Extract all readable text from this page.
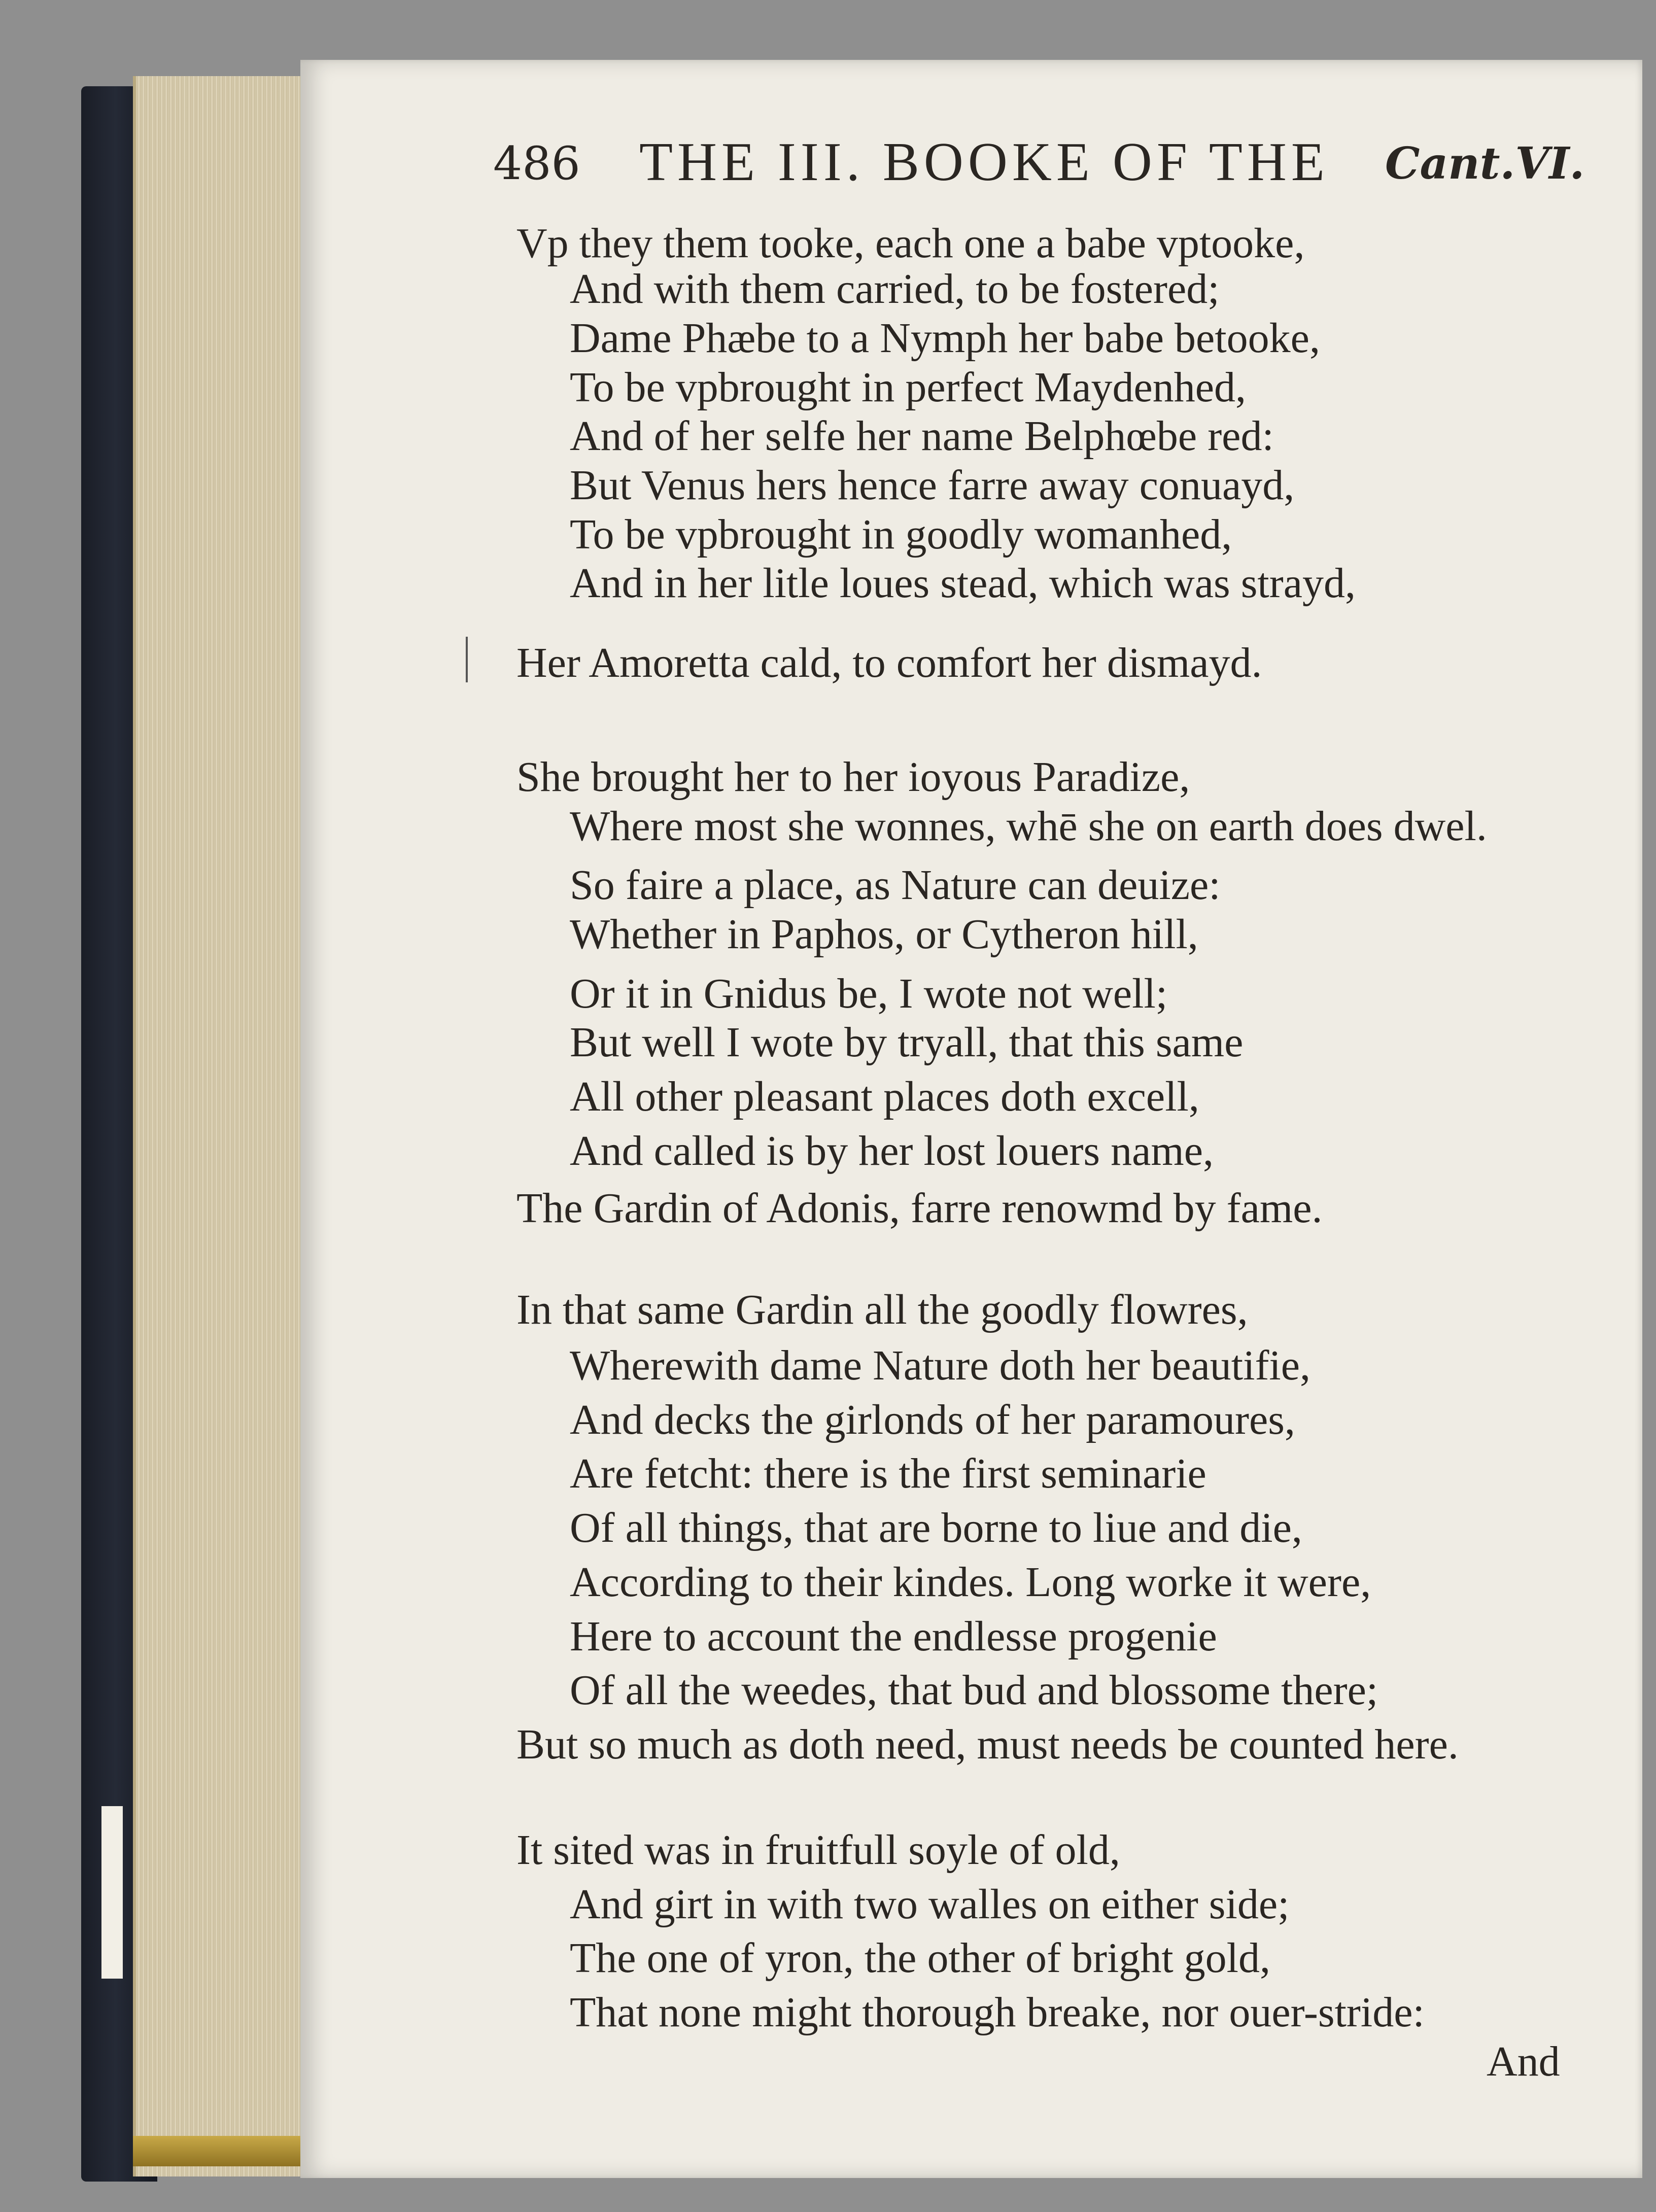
486 THE III. BOOKE OF THE Cant.VI.
Vp they them tooke, each one a babe vptooke,
And with them carried, to be fostered;
Dame Phæbe to a Nymph her babe betooke,
To be vpbrought in perfect Maydenhed,
And of her selfe her name Belphœbe red:
But Venus hers hence farre away conuayd,
To be vpbrought in goodly womanhed,
And in her litle loues stead, which was strayd,
Her Amoretta cald, to comfort her dismayd.
She brought her to her ioyous Paradize,
Where most she wonnes, whē she on earth does dwel.
So faire a place, as Nature can deuize:
Whether in Paphos, or Cytheron hill,
Or it in Gnidus be, I wote not well;
But well I wote by tryall, that this same
All other pleasant places doth excell,
And called is by her lost louers name,
The Gardin of Adonis, farre renowmd by fame.
In that same Gardin all the goodly flowres,
Wherewith dame Nature doth her beautifie,
And decks the girlonds of her paramoures,
Are fetcht: there is the first seminarie
Of all things, that are borne to liue and die,
According to their kindes. Long worke it were,
Here to account the endlesse progenie
Of all the weedes, that bud and blossome there;
But so much as doth need, must needs be counted here.
It sited was in fruitfull soyle of old,
And girt in with two walles on either side;
The one of yron, the other of bright gold,
That none might thorough breake, nor ouer-stride:
And
